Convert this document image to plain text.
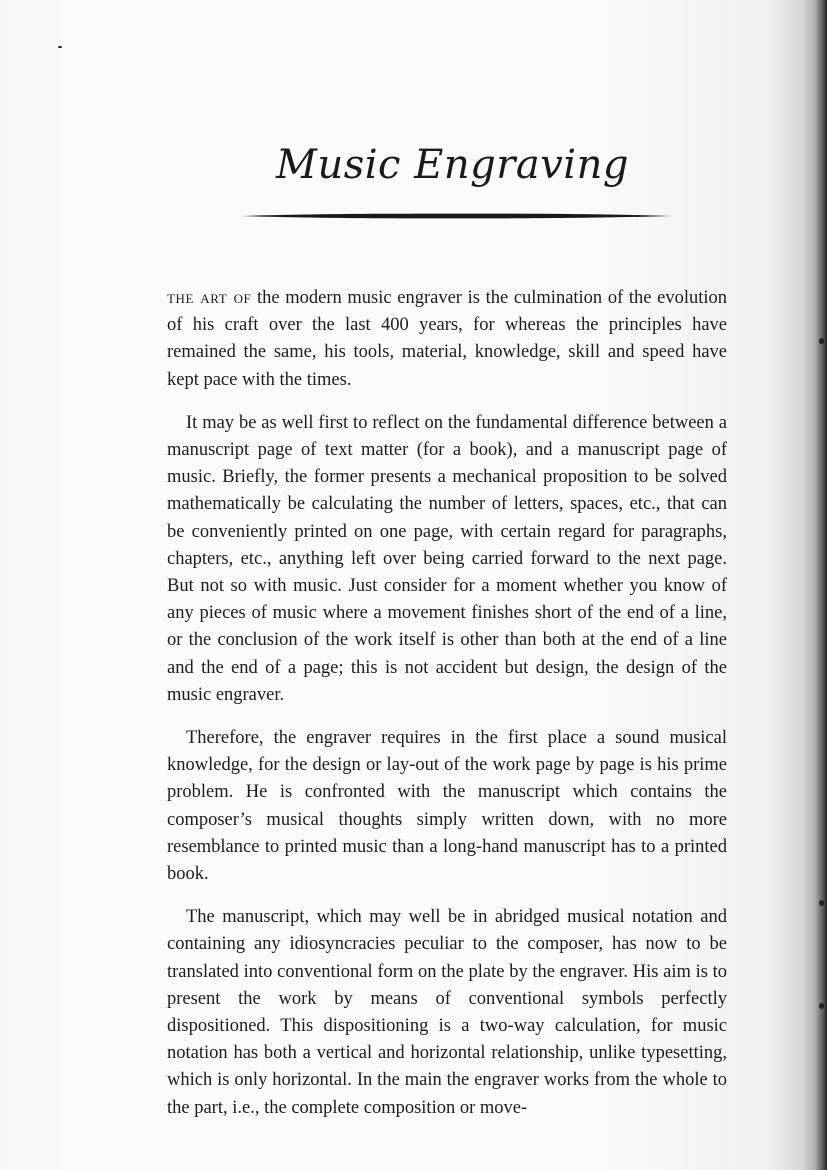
Music Engraving

the art of the modern music engraver is the culmination of the evolution of his craft over the last 400 years, for whereas the principles have remained the same, his tools, material, knowledge, skill and speed have kept pace with the times.

It may be as well first to reflect on the fundamental difference between a manuscript page of text matter (for a book), and a manuscript page of music. Briefly, the former presents a mechanical proposition to be solved mathematically be calculating the number of letters, spaces, etc., that can be conveniently printed on one page, with certain regard for paragraphs, chapters, etc., anything left over being carried forward to the next page. But not so with music. Just consider for a moment whether you know of any pieces of music where a movement finishes short of the end of a line, or the conclusion of the work itself is other than both at the end of a line and the end of a page; this is not accident but design, the design of the music engraver.

Therefore, the engraver requires in the first place a sound musical knowledge, for the design or lay-out of the work page by page is his prime problem. He is confronted with the manuscript which contains the composer’s musical thoughts simply written down, with no more resemblance to printed music than a long-hand manuscript has to a printed book.

The manuscript, which may well be in abridged musical notation and containing any idiosyncracies peculiar to the composer, has now to be translated into conventional form on the plate by the engraver. His aim is to present the work by means of conventional symbols perfectly dispositioned. This dispositioning is a two-way calculation, for music notation has both a vertical and horizontal relationship, unlike typesetting, which is only horizontal. In the main the engraver works from the whole to the part, i.e., the complete composition or move-
